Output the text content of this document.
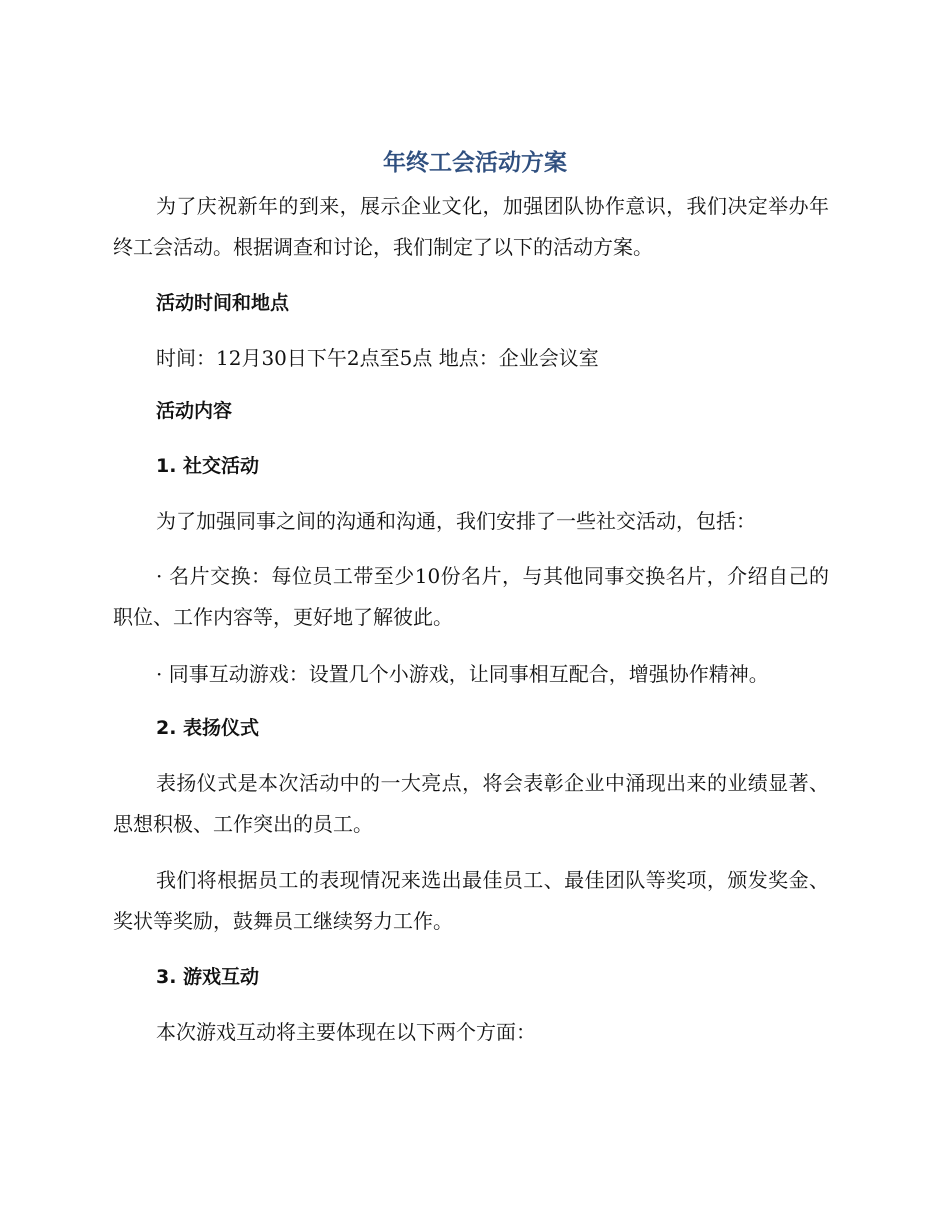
年终工会活动方案

为了庆祝新年的到来，展示企业文化，加强团队协作意识，我们决定举办年终工会活动。根据调查和讨论，我们制定了以下的活动方案。

活动时间和地点

时间：12月30日下午2点至5点 地点：企业会议室

活动内容

1. 社交活动

为了加强同事之间的沟通和沟通，我们安排了一些社交活动，包括：

· 名片交换：每位员工带至少10份名片，与其他同事交换名片，介绍自己的职位、工作内容等，更好地了解彼此。

· 同事互动游戏：设置几个小游戏，让同事相互配合，增强协作精神。

2. 表扬仪式

表扬仪式是本次活动中的一大亮点，将会表彰企业中涌现出来的业绩显著、思想积极、工作突出的员工。

我们将根据员工的表现情况来选出最佳员工、最佳团队等奖项，颁发奖金、奖状等奖励，鼓舞员工继续努力工作。

3. 游戏互动

本次游戏互动将主要体现在以下两个方面：
